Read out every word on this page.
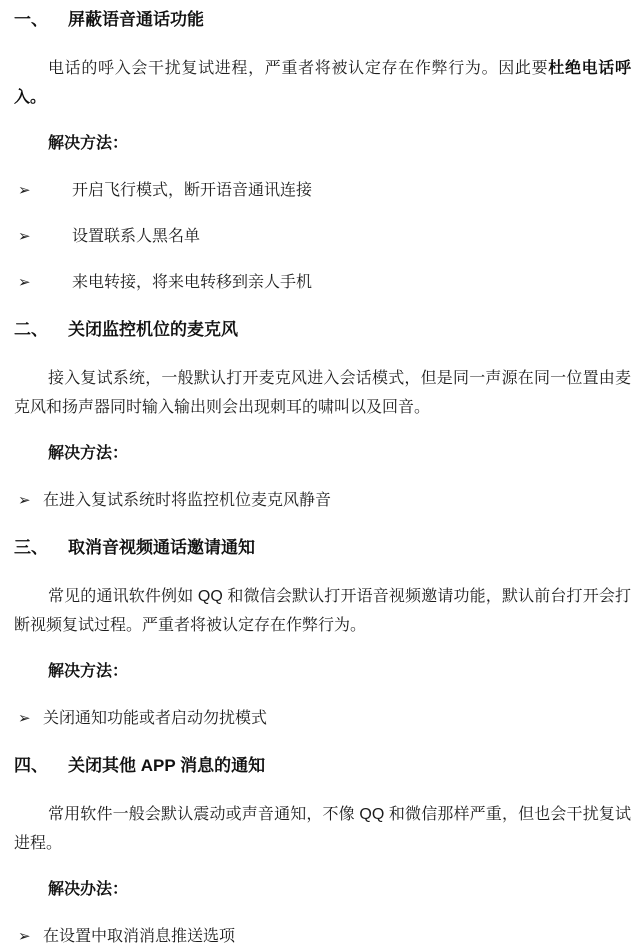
一、	屏蔽语音通话功能

电话的呼入会干扰复试进程，严重者将被认定存在作弊行为。因此要杜绝电话呼入。

解决方法：
➢	开启飞行模式，断开语音通讯连接
➢	设置联系人黑名单
➢	来电转接，将来电转移到亲人手机
二、	关闭监控机位的麦克风

接入复试系统，一般默认打开麦克风进入会话模式，但是同一声源在同一位置由麦克风和扬声器同时输入输出则会出现刺耳的啸叫以及回音。

解决方法：
➢ 在进入复试系统时将监控机位麦克风静音
三、	取消音视频通话邀请通知

常见的通讯软件例如 QQ 和微信会默认打开语音视频邀请功能，默认前台打开会打断视频复试过程。严重者将被认定存在作弊行为。

解决方法：
➢ 关闭通知功能或者启动勿扰模式
四、	关闭其他 APP 消息的通知

常用软件一般会默认震动或声音通知，不像 QQ 和微信那样严重，但也会干扰复试进程。

解决办法：
➢ 在设置中取消消息推送选项
